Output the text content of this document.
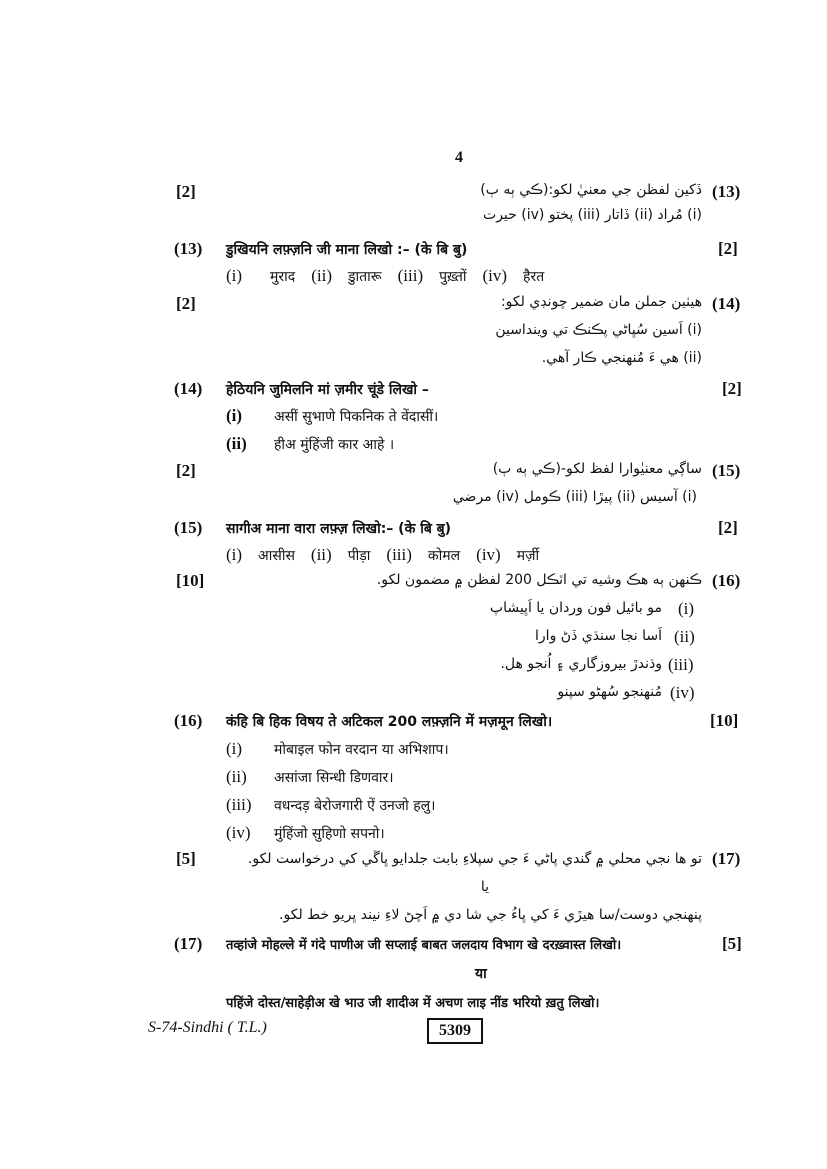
4
[2]	ڏکين لفظن جي معنيٰ لکو:(ڪي ٻه ٻ) (13)
(i) مُراد (ii) ڏاتار (iii) پختو (iv) حيرت
(13) डुखियनि लफ़्ज़नि जी माना लिखो :– (के बि बु)	[2]
(i) मुराद (ii) डुातारू (iii) पुख़्तों (iv) हैरत
[2]	هيٺين جملن مان ضمير چونڊي لکو: (14)
(i) اَسين سُڀاڻي پڪنڪ تي وينداسين
(ii) هي ءَ مُنهنجي ڪار آهي.
(14) हेठियनि जुमिलनि मां ज़मीर चूंडे लिखो –	[2]
(i) असीं सुभाणे पिकनिक ते वेंदासीं।
(ii) हीअ मुंहिंजी कार आहे ।
[2]	ساڳي معنيٰوارا لفظ لکو-(ڪي ٻه ٻ) (15)
(i) آسيس (ii) پيڙا (iii) ڪومل (iv) مرضي
(15) सागीअ माना वारा लफ़्ज़ लिखो:– (के बि बु)	[2]
(i) आसीस (ii) पीड़ा (iii) कोमल (iv) मर्ज़ी
[10]	ڪنهن ٻه هڪ وشيه تي اٽڪل 200 لفظن ۾ مضمون لکو. (16)
مو بائيل فون وردان يا اَڀيشاپ (i)
اَسا نجا سنڌي ڏڻ وارا (ii)
وڌندڙ بيروزگاري ۽ اُنجو هل. (iii)
مُنهنجو سُهڻو سپنو (iv)
(16) कंहि बि हिक विषय ते अटिकल 200 लफ़्ज़नि में मज़मून लिखो।	[10]
(i) मोबाइल फोन वरदान या अभिशाप।
(ii) असांजा सिन्धी डिणवार।
(iii) वधन्दड़ बेरोजगारी ऐं उनजो हलु।
(iv) मुंहिंजो सुहिणो सपनो।
[5]	تو ها نجي محلي ۾ گندي پاڻي ءَ جي سپلاءِ بابت جلدايو ڀاڱي کي درخواست لکو. (17)
يا
پنهنجي دوست/سا هيڙي ءَ کي ڀاءُ جي شا دي ۾ اَچڻ لاءِ نيند ڀريو خط لکو.
(17) तव्हांजे मोहल्ले में गंदे पाणीअ जी सप्लाई बाबत जलदाय विभाग खे दरख़्वास्त लिखो।	[5]
या
पहिंजे दोस्त/साहेड़ीअ खे भाउ जी शादीअ में अचण लाइ नींड भरियो ख़तु लिखो।
S-74-Sindhi ( T.L.)	5309
